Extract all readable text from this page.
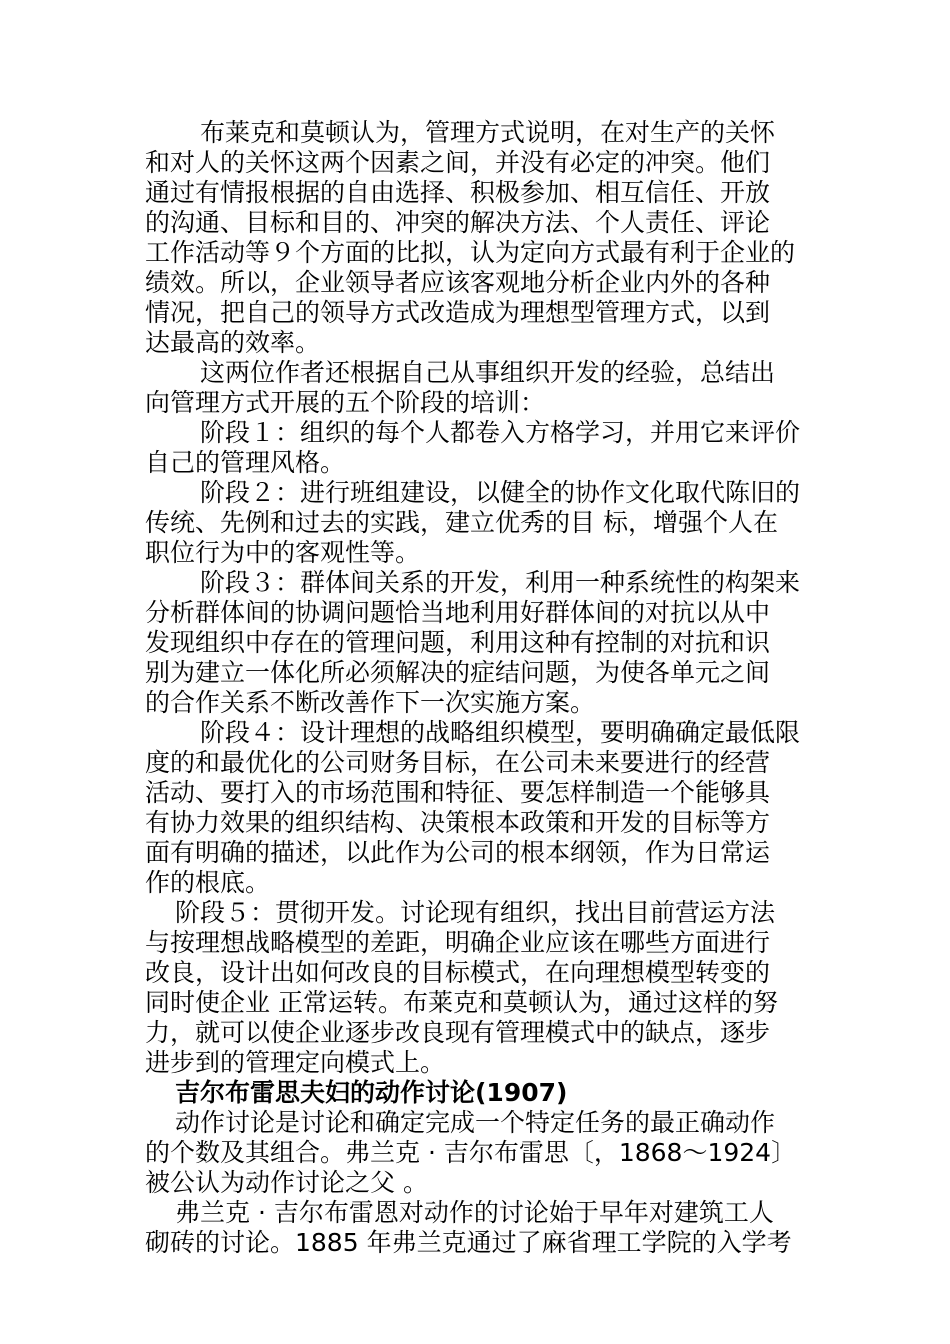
布莱克和莫顿认为，管理方式说明，在对生产的关怀
和对人的关怀这两个因素之间，并没有必定的冲突。他们
通过有情报根据的自由选择、积极参加、相互信任、开放
的沟通、目标和目的、冲突的解决方法、个人责任、评论
工作活动等９个方面的比拟，认为定向方式最有利于企业的
绩效。所以，企业领导者应该客观地分析企业内外的各种
情况，把自己的领导方式改造成为理想型管理方式，以到
达最高的效率。
这两位作者还根据自己从事组织开发的经验，总结出
向管理方式开展的五个阶段的培训：
阶段１：组织的每个人都卷入方格学习，并用它来评价
自己的管理风格。
阶段２：进行班组建设，以健全的协作文化取代陈旧的
传统、先例和过去的实践，建立优秀的目 标，增强个人在
职位行为中的客观性等。
阶段３：群体间关系的开发，利用一种系统性的构架来
分析群体间的协调问题恰当地利用好群体间的对抗以从中
发现组织中存在的管理问题，利用这种有控制的对抗和识
别为建立一体化所必须解决的症结问题，为使各单元之间
的合作关系不断改善作下一次实施方案。
阶段４：设计理想的战略组织模型，要明确确定最低限
度的和最优化的公司财务目标，在公司未来要进行的经营
活动、要打入的市场范围和特征、要怎样制造一个能够具
有协力效果的组织结构、决策根本政策和开发的目标等方
面有明确的描述，以此作为公司的根本纲领，作为日常运
作的根底。
阶段５：贯彻开发。讨论现有组织，找出目前营运方法
与按理想战略模型的差距，明确企业应该在哪些方面进行
改良，设计出如何改良的目标模式，在向理想模型转变的
同时使企业 正常运转。布莱克和莫顿认为，通过这样的努
力，就可以使企业逐步改良现有管理模式中的缺点，逐步
进步到的管理定向模式上。
吉尔布雷思夫妇的动作讨论(1907)
动作讨论是讨论和确定完成一个特定任务的最正确动作
的个数及其组合。弗兰克 · 吉尔布雷思〔，1868～1924〕
被公认为动作讨论之父 。
弗兰克 · 吉尔布雷恩对动作的讨论始于早年对建筑工人
砌砖的讨论。1885 年弗兰克通过了麻省理工学院的入学考
